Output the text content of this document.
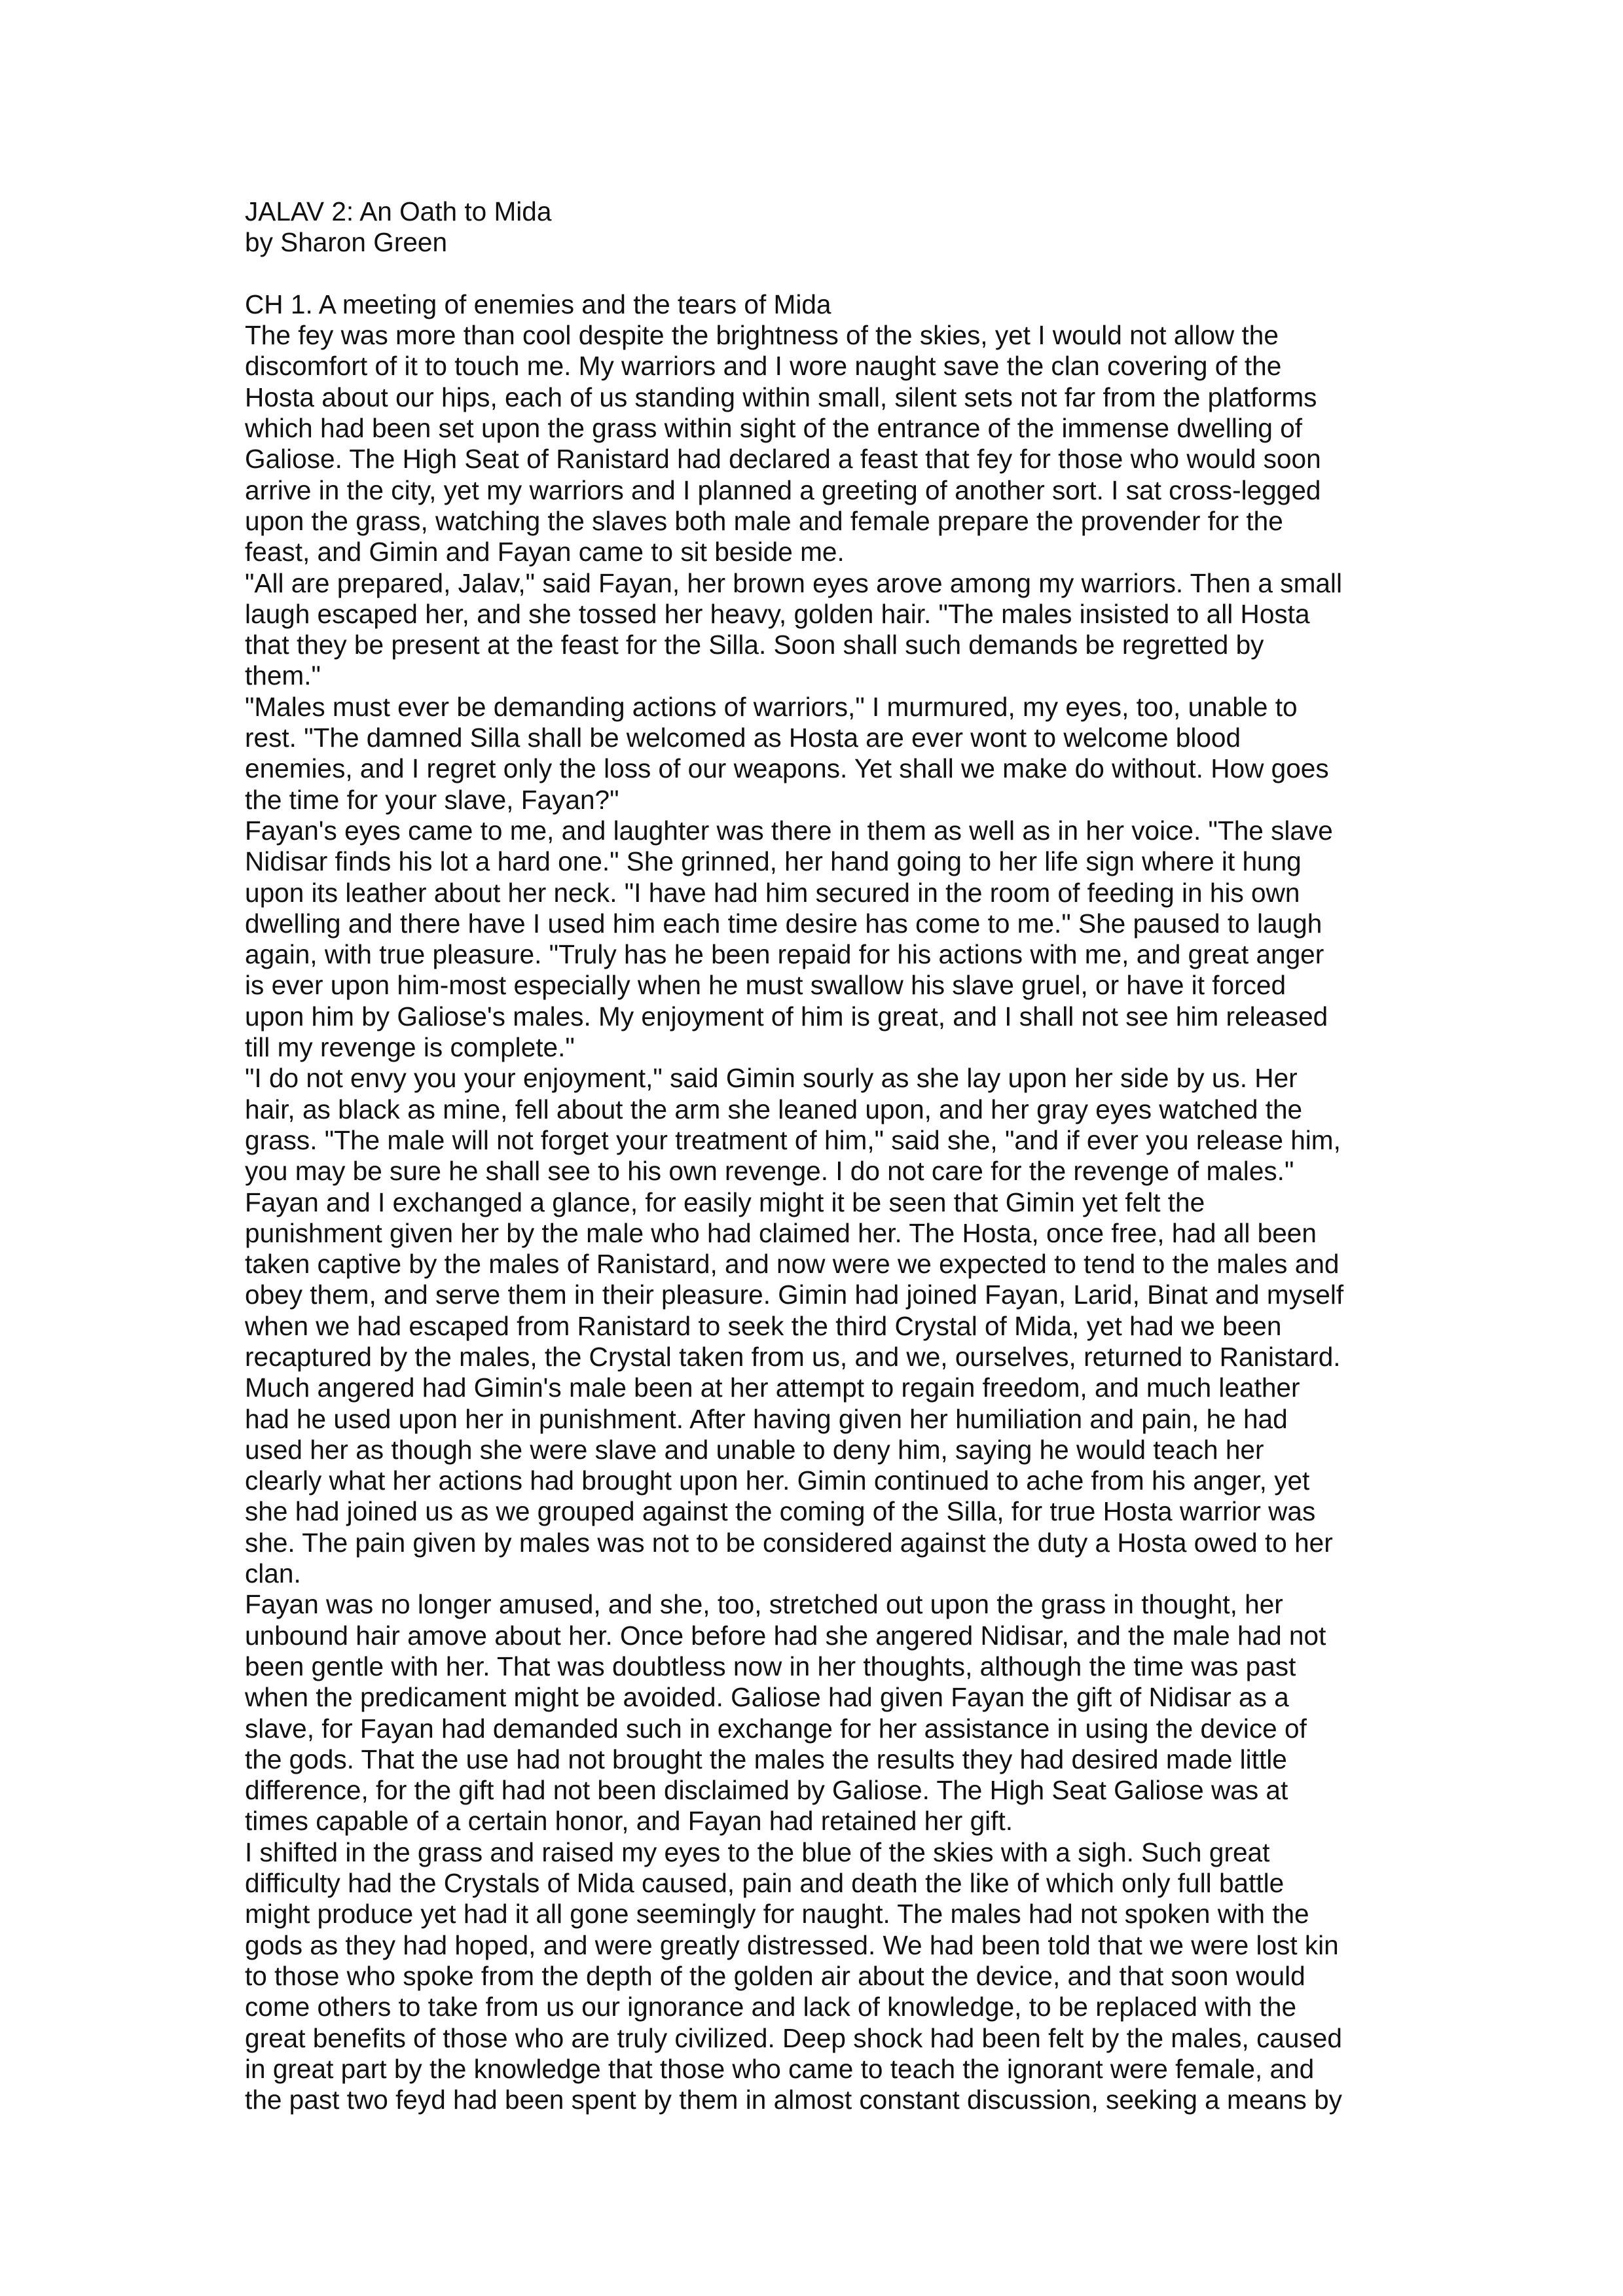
JALAV 2: An Oath to Mida
by Sharon Green
CH 1. A meeting of enemies and the tears of Mida
The fey was more than cool despite the brightness of the skies, yet I would not allow the
discomfort of it to touch me. My warriors and I wore naught save the clan covering of the
Hosta about our hips, each of us standing within small, silent sets not far from the platforms
which had been set upon the grass within sight of the entrance of the immense dwelling of
Galiose. The High Seat of Ranistard had declared a feast that fey for those who would soon
arrive in the city, yet my warriors and I planned a greeting of another sort. I sat cross-legged
upon the grass, watching the slaves both male and female prepare the provender for the
feast, and Gimin and Fayan came to sit beside me.
"All are prepared, Jalav," said Fayan, her brown eyes arove among my warriors. Then a small
laugh escaped her, and she tossed her heavy, golden hair. "The males insisted to all Hosta
that they be present at the feast for the Silla. Soon shall such demands be regretted by
them."
"Males must ever be demanding actions of warriors," I murmured, my eyes, too, unable to
rest. "The damned Silla shall be welcomed as Hosta are ever wont to welcome blood
enemies, and I regret only the loss of our weapons. Yet shall we make do without. How goes
the time for your slave, Fayan?"
Fayan's eyes came to me, and laughter was there in them as well as in her voice. "The slave
Nidisar finds his lot a hard one." She grinned, her hand going to her life sign where it hung
upon its leather about her neck. "I have had him secured in the room of feeding in his own
dwelling and there have I used him each time desire has come to me." She paused to laugh
again, with true pleasure. "Truly has he been repaid for his actions with me, and great anger
is ever upon him-most especially when he must swallow his slave gruel, or have it forced
upon him by Galiose's males. My enjoyment of him is great, and I shall not see him released
till my revenge is complete."
"I do not envy you your enjoyment," said Gimin sourly as she lay upon her side by us. Her
hair, as black as mine, fell about the arm she leaned upon, and her gray eyes watched the
grass. "The male will not forget your treatment of him," said she, "and if ever you release him,
you may be sure he shall see to his own revenge. I do not care for the revenge of males."
Fayan and I exchanged a glance, for easily might it be seen that Gimin yet felt the
punishment given her by the male who had claimed her. The Hosta, once free, had all been
taken captive by the males of Ranistard, and now were we expected to tend to the males and
obey them, and serve them in their pleasure. Gimin had joined Fayan, Larid, Binat and myself
when we had escaped from Ranistard to seek the third Crystal of Mida, yet had we been
recaptured by the males, the Crystal taken from us, and we, ourselves, returned to Ranistard.
Much angered had Gimin's male been at her attempt to regain freedom, and much leather
had he used upon her in punishment. After having given her humiliation and pain, he had
used her as though she were slave and unable to deny him, saying he would teach her
clearly what her actions had brought upon her. Gimin continued to ache from his anger, yet
she had joined us as we grouped against the coming of the Silla, for true Hosta warrior was
she. The pain given by males was not to be considered against the duty a Hosta owed to her
clan.
Fayan was no longer amused, and she, too, stretched out upon the grass in thought, her
unbound hair amove about her. Once before had she angered Nidisar, and the male had not
been gentle with her. That was doubtless now in her thoughts, although the time was past
when the predicament might be avoided. Galiose had given Fayan the gift of Nidisar as a
slave, for Fayan had demanded such in exchange for her assistance in using the device of
the gods. That the use had not brought the males the results they had desired made little
difference, for the gift had not been disclaimed by Galiose. The High Seat Galiose was at
times capable of a certain honor, and Fayan had retained her gift.
I shifted in the grass and raised my eyes to the blue of the skies with a sigh. Such great
difficulty had the Crystals of Mida caused, pain and death the like of which only full battle
might produce yet had it all gone seemingly for naught. The males had not spoken with the
gods as they had hoped, and were greatly distressed. We had been told that we were lost kin
to those who spoke from the depth of the golden air about the device, and that soon would
come others to take from us our ignorance and lack of knowledge, to be replaced with the
great benefits of those who are truly civilized. Deep shock had been felt by the males, caused
in great part by the knowledge that those who came to teach the ignorant were female, and
the past two feyd had been spent by them in almost constant discussion, seeking a means by
